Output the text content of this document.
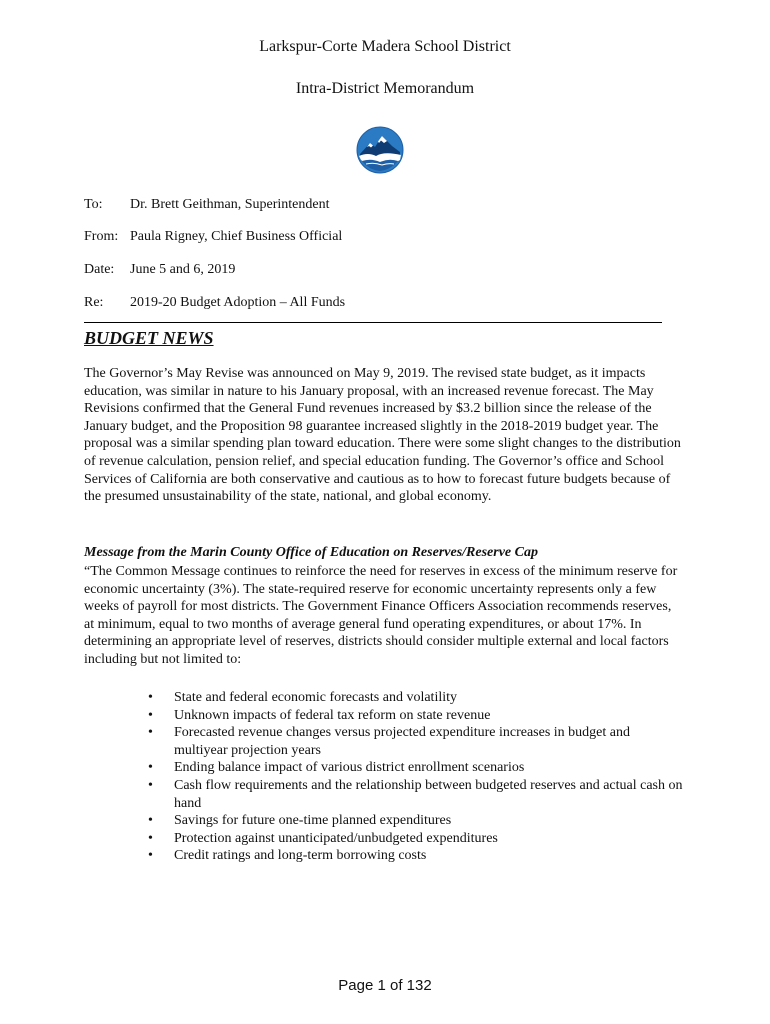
Larkspur-Corte Madera School District
Intra-District Memorandum
To:	Dr. Brett Geithman, Superintendent
From: Paula Rigney, Chief Business Official
Date:	June 5 and 6, 2019
Re:	2019-20 Budget Adoption – All Funds
BUDGET NEWS
The Governor’s May Revise was announced on May 9, 2019. The revised state budget, as it impacts education, was similar in nature to his January proposal, with an increased revenue forecast. The May Revisions confirmed that the General Fund revenues increased by $3.2 billion since the release of the January budget, and the Proposition 98 guarantee increased slightly in the 2018-2019 budget year. The proposal was a similar spending plan toward education. There were some slight changes to the distribution of revenue calculation, pension relief, and special education funding. The Governor’s office and School Services of California are both conservative and cautious as to how to forecast future budgets because of the presumed unsustainability of the state, national, and global economy.
Message from the Marin County Office of Education on Reserves/Reserve Cap
“The Common Message continues to reinforce the need for reserves in excess of the minimum reserve for economic uncertainty (3%). The state-required reserve for economic uncertainty represents only a few weeks of payroll for most districts. The Government Finance Officers Association recommends reserves, at minimum, equal to two months of average general fund operating expenditures, or about 17%. In determining an appropriate level of reserves, districts should consider multiple external and local factors including but not limited to:
• State and federal economic forecasts and volatility
• Unknown impacts of federal tax reform on state revenue
• Forecasted revenue changes versus projected expenditure increases in budget and multiyear projection years
• Ending balance impact of various district enrollment scenarios
• Cash flow requirements and the relationship between budgeted reserves and actual cash on hand
• Savings for future one-time planned expenditures
• Protection against unanticipated/unbudgeted expenditures
• Credit ratings and long-term borrowing costs
Page 1 of 132
